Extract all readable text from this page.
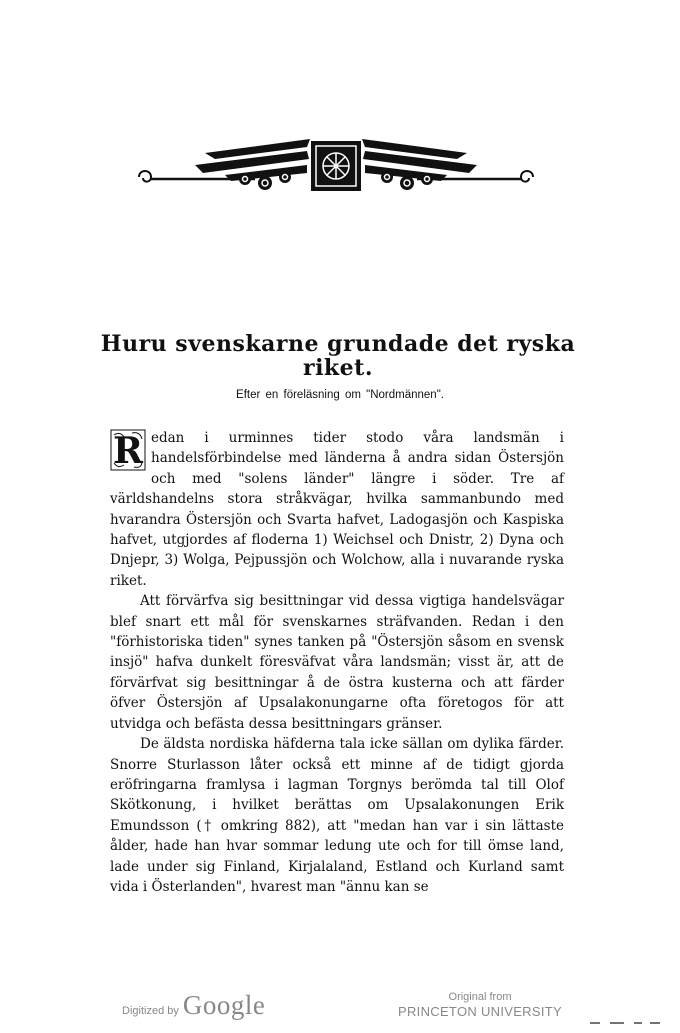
Huru svenskarne grundade det ryska riket.

Efter en föreläsning om "Nordmännen".

R edan i urminnes tider stodo våra landsmän i handelsförbindelse med länderna å andra sidan Östersjön och med "solens länder" längre i söder. Tre af världshandelns stora stråkvägar, hvilka sammanbundo med hvarandra Östersjön och Svarta hafvet, Ladogasjön och Kaspiska hafvet, utgjordes af floderna 1) Weichsel och Dnistr, 2) Dyna och Dnjepr, 3) Wolga, Pejpussjön och Wolchow, alla i nuvarande ryska riket.

Att förvärfva sig besittningar vid dessa vigtiga handelsvägar blef snart ett mål för svenskarnes sträfvanden. Redan i den "förhistoriska tiden" synes tanken på "Östersjön såsom en svensk insjö" hafva dunkelt föresväfvat våra landsmän; visst är, att de förvärfvat sig besittningar å de östra kusterna och att färder öfver Östersjön af Upsalakonungarne ofta företogos för att utvidga och befästa dessa besittningars gränser.

De äldsta nordiska häfderna tala icke sällan om dylika färder. Snorre Sturlasson låter också ett minne af de tidigt gjorda eröfringarna framlysa i lagman Torgnys berömda tal till Olof Skötkonung, i hvilket berättas om Upsalakonungen Erik Emundsson († omkring 882), att "medan han var i sin lättaste ålder, hade han hvar sommar ledung ute och for till ömse land, lade under sig Finland, Kirjalaland, Estland och Kurland samt vida i Österlanden", hvarest man "ännu kan se

Digitized by Google	Original from
PRINCETON UNIVERSITY
